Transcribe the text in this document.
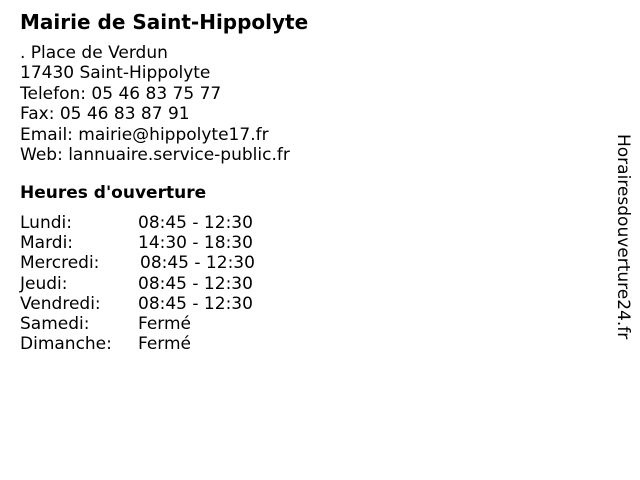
Mairie de Saint-Hippolyte
. Place de Verdun
17430 Saint-Hippolyte
Telefon: 05 46 83 75 77
Fax: 05 46 83 87 91
Email: mairie@hippolyte17.fr
Web: lannuaire.service-public.fr
Heures d'ouverture
Lundi:	08:45 - 12:30
Mardi:	14:30 - 18:30
Mercredi: 08:45 - 12:30
Jeudi:	08:45 - 12:30
Vendredi: 08:45 - 12:30
Samedi:	Fermé
Dimanche: Fermé
Horairesdouverture24.fr
